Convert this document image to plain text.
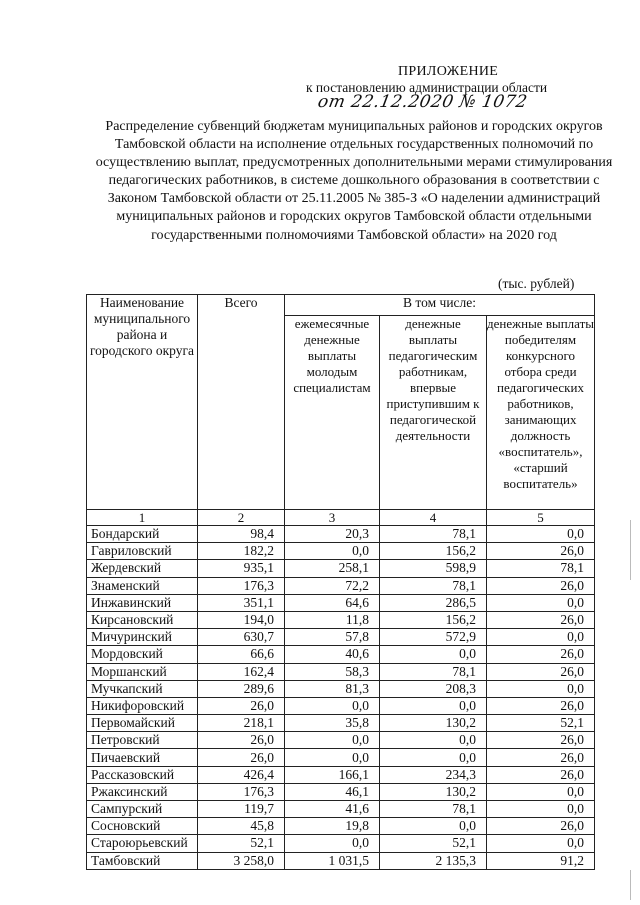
ПРИЛОЖЕНИЕ
к постановлению администрации области
от 22.12.2020 № 1072
Распределение субвенций бюджетам муниципальных районов и городских округов Тамбовской области на исполнение отдельных государственных полномочий по осуществлению выплат, предусмотренных дополнительными мерами стимулирования педагогических работников, в системе дошкольного образования в соответствии с Законом Тамбовской области от 25.11.2005 № 385-З «О наделении администраций муниципальных районов и городских округов Тамбовской области отдельными государственными полномочиями Тамбовской области» на 2020 год
(тыс. рублей)
Наименование муниципального района и городского округа	Всего	В том числе:		
		ежемесячные денежные выплаты молодым специалистам	денежные выплаты педагогическим работникам, впервые приступившим к педагогической деятельности	денежные выплаты победителям конкурсного отбора среди педагогических работников, занимающих должность «воспитатель», «старший воспитатель»
1	2	3	4	5
Бондарский	98,4	20,3	78,1	0,0
Гавриловский	182,2	0,0	156,2	26,0
Жердевский	935,1	258,1	598,9	78,1
Знаменский	176,3	72,2	78,1	26,0
Инжавинский	351,1	64,6	286,5	0,0
Кирсановский	194,0	11,8	156,2	26,0
Мичуринский	630,7	57,8	572,9	0,0
Мордовский	66,6	40,6	0,0	26,0
Моршанский	162,4	58,3	78,1	26,0
Мучкапский	289,6	81,3	208,3	0,0
Никифоровский	26,0	0,0	0,0	26,0
Первомайский	218,1	35,8	130,2	52,1
Петровский	26,0	0,0	0,0	26,0
Пичаевский	26,0	0,0	0,0	26,0
Рассказовский	426,4	166,1	234,3	26,0
Ржаксинский	176,3	46,1	130,2	0,0
Сампурский	119,7	41,6	78,1	0,0
Сосновский	45,8	19,8	0,0	26,0
Староюрьевский	52,1	0,0	52,1	0,0
Тамбовский	3 258,0	1 031,5	2 135,3	91,2
